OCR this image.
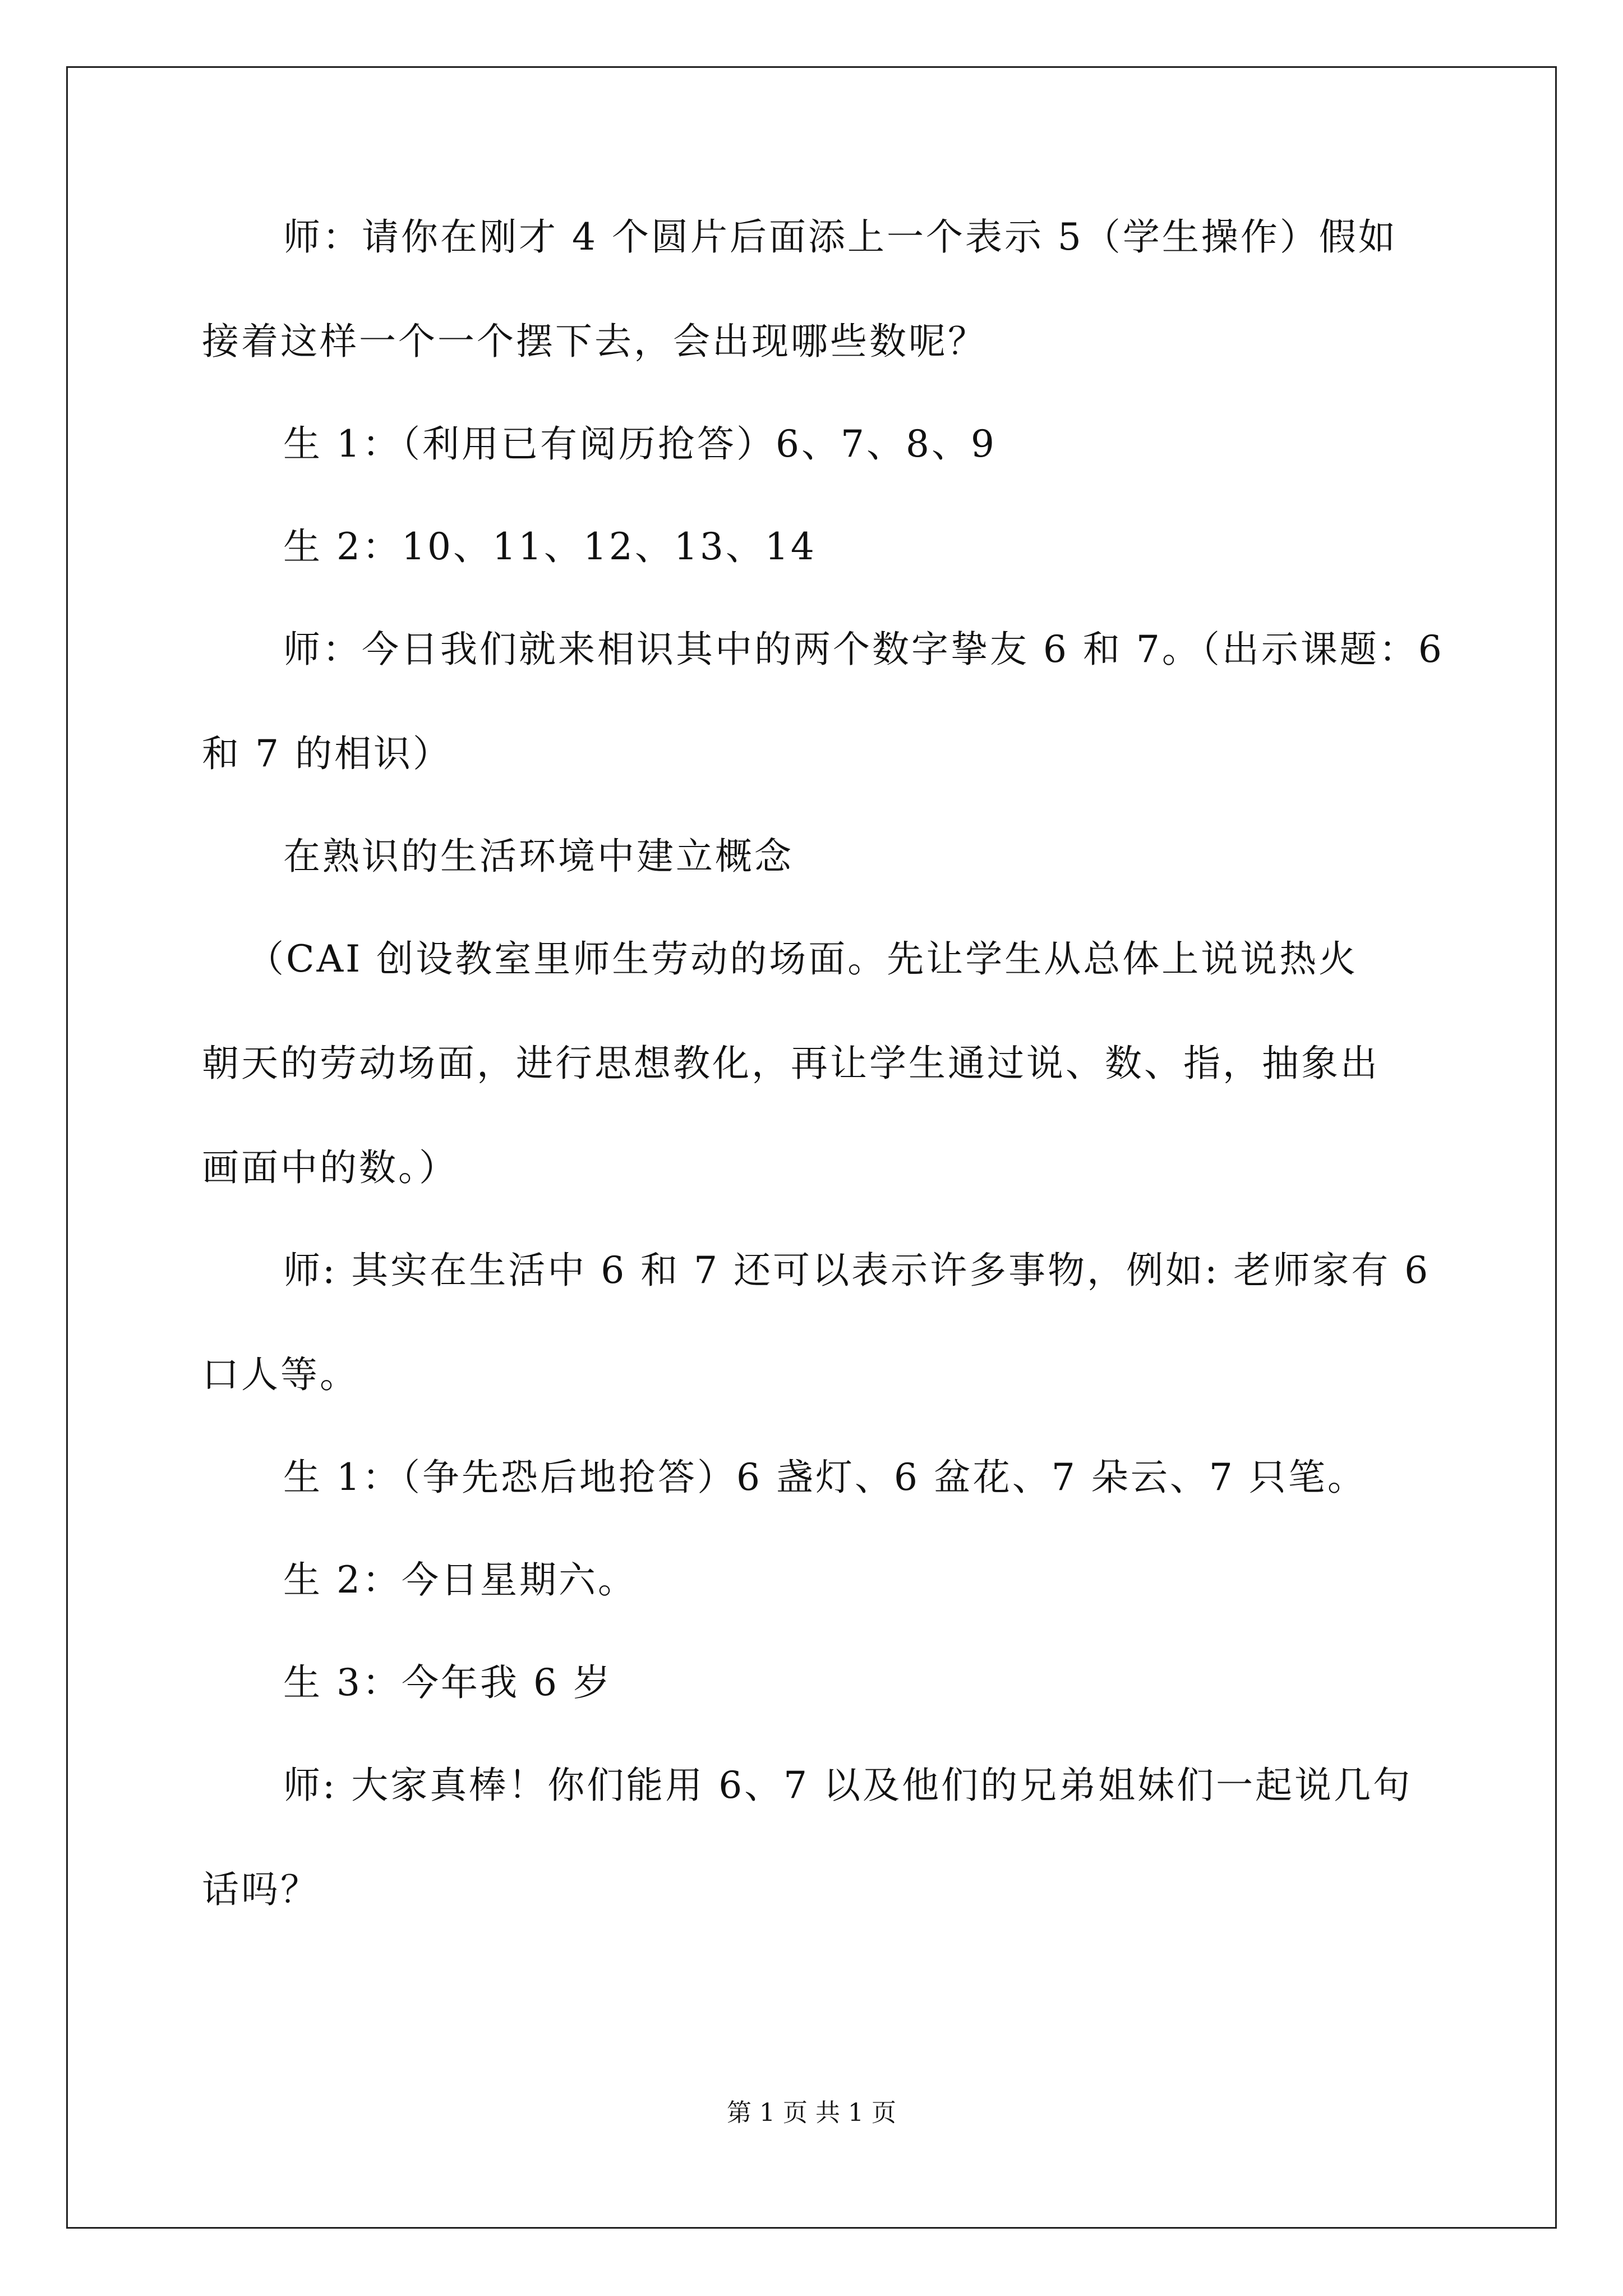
师：请你在刚才 4 个圆片后面添上一个表示 5（学生操作）假如
接着这样一个一个摆下去，会出现哪些数呢？

生 1：（利用已有阅历抢答）6、7、8、9

生 2：10、11、12、13、14

师：今日我们就来相识其中的两个数字挚友 6 和 7。（出示课题：6
和 7 的相识）

在熟识的生活环境中建立概念

（CAI 创设教室里师生劳动的场面。先让学生从总体上说说热火
朝天的劳动场面，进行思想教化，再让学生通过说、数、指，抽象出
画面中的数。）

师: 其实在生活中 6 和 7 还可以表示许多事物，例如: 老师家有 6
口人等。

生 1：（争先恐后地抢答）6 盏灯、6 盆花、7 朵云、7 只笔。

生 2：今日星期六。

生 3：今年我 6 岁

师: 大家真棒！你们能用 6、7 以及他们的兄弟姐妹们一起说几句
话吗？

第 1 页 共 1 页
